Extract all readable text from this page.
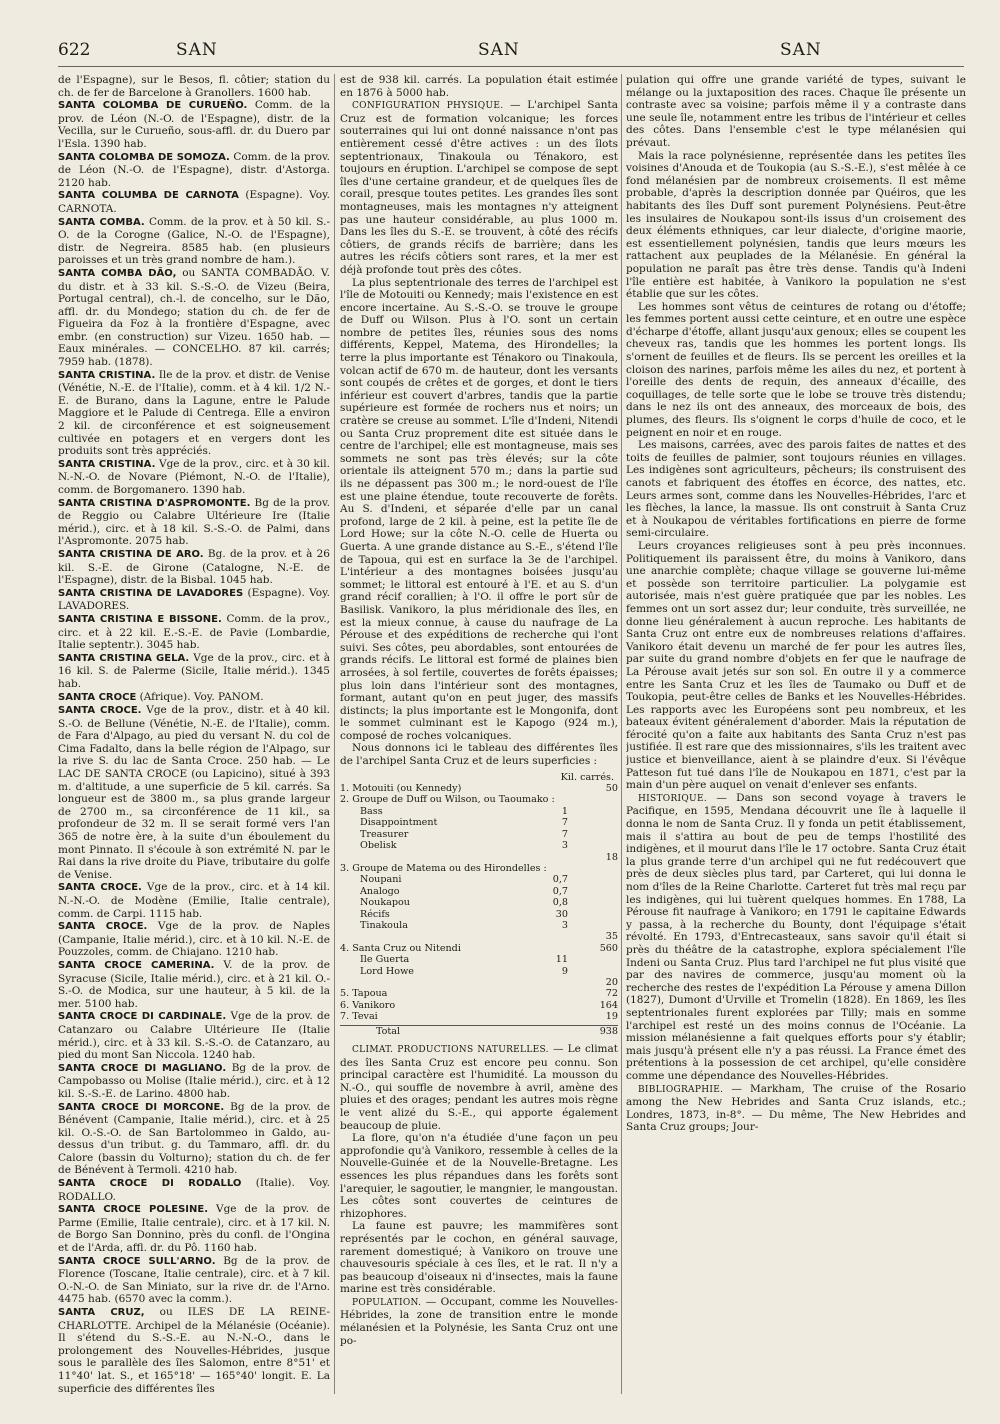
622	SAN	SAN	SAN

de l'Espagne), sur le Besos, fl. côtier; station du ch. de fer de Barcelone à Granollers. 1600 hab.

SANTA COLOMBA DE CURUEÑO. Comm. de la prov. de Léon (N.-O. de l'Espagne), distr. de la Vecilla, sur le Curueño, sous-affl. dr. du Duero par l'Esla. 1390 hab.

SANTA COLOMBA DE SOMOZA. Comm. de la prov. de Léon (N.-O. de l'Espagne), distr. d'Astorga. 2120 hab.

SANTA COLUMBA DE CARNOTA (Espagne). Voy. CARNOTA.

SANTA COMBA. Comm. de la prov. et à 50 kil. S.-O. de la Corogne (Galice, N.-O. de l'Espagne), distr. de Negreira. 8585 hab. (en plusieurs paroisses et un très grand nombre de ham.).

SANTA COMBA DÃO, ou SANTA COMBADÃO. V. du distr. et à 33 kil. S.-S.-O. de Vizeu (Beira, Portugal central), ch.-l. de concelho, sur le Dão, affl. dr. du Mondego; station du ch. de fer de Figueira da Foz à la frontière d'Espagne, avec embr. (en construction) sur Vizeu. 1650 hab. — Eaux minérales. — CONCELHO. 87 kil. carrés; 7959 hab. (1878).

SANTA CRISTINA. Ile de la prov. et distr. de Venise (Vénétie, N.-E. de l'Italie), comm. et à 4 kil. 1/2 N.-E. de Burano, dans la Lagune, entre le Palude Maggiore et le Palude di Centrega. Elle a environ 2 kil. de circonférence et est soigneusement cultivée en potagers et en vergers dont les produits sont très appréciés.

SANTA CRISTINA. Vge de la prov., circ. et à 30 kil. N.-N.-O. de Novare (Piémont, N.-O. de l'Italie), comm. de Borgomanero. 1390 hab.

SANTA CRISTINA D'ASPROMONTE. Bg de la prov. de Reggio ou Calabre Ultérieure Ire (Italie mérid.), circ. et à 18 kil. S.-S.-O. de Palmi, dans l'Aspromonte. 2075 hab.

SANTA CRISTINA DE ARO. Bg. de la prov. et à 26 kil. S.-E. de Girone (Catalogne, N.-E. de l'Espagne), distr. de la Bisbal. 1045 hab.

SANTA CRISTINA DE LAVADORES (Espagne). Voy. LAVADORES.

SANTA CRISTINA E BISSONE. Comm. de la prov., circ. et à 22 kil. E.-S.-E. de Pavie (Lombardie, Italie septentr.). 3045 hab.

SANTA CRISTINA GELA. Vge de la prov., circ. et à 16 kil. S. de Palerme (Sicile, Italie mérid.). 1345 hab.

SANTA CROCE (Afrique). Voy. PANOM.

SANTA CROCE. Vge de la prov., distr. et à 40 kil. S.-O. de Bellune (Vénétie, N.-E. de l'Italie), comm. de Fara d'Alpago, au pied du versant N. du col de Cima Fadalto, dans la belle région de l'Alpago, sur la rive S. du lac de Santa Croce. 250 hab. — Le LAC DE SANTA CROCE (ou Lapicino), situé à 393 m. d'altitude, a une superficie de 5 kil. carrés. Sa longueur est de 3800 m., sa plus grande largeur de 2700 m., sa circonférence de 11 kil., sa profondeur de 32 m. Il se serait formé vers l'an 365 de notre ère, à la suite d'un éboulement du mont Pinnato. Il s'écoule à son extrémité N. par le Rai dans la rive droite du Piave, tributaire du golfe de Venise.

SANTA CROCE. Vge de la prov., circ. et à 14 kil. N.-N.-O. de Modène (Emilie, Italie centrale), comm. de Carpi. 1115 hab.

SANTA CROCE. Vge de la prov. de Naples (Campanie, Italie mérid.), circ. et à 10 kil. N.-E. de Pouzzoles, comm. de Chiajano. 1210 hab.

SANTA CROCE CAMERINA. V. de la prov. de Syracuse (Sicile, Italie mérid.), circ. et à 21 kil. O.-S.-O. de Modica, sur une hauteur, à 5 kil. de la mer. 5100 hab.

SANTA CROCE DI CARDINALE. Vge de la prov. de Catanzaro ou Calabre Ultérieure IIe (Italie mérid.), circ. et à 33 kil. S.-S.-O. de Catanzaro, au pied du mont San Niccola. 1240 hab.

SANTA CROCE DI MAGLIANO. Bg de la prov. de Campobasso ou Molise (Italie mérid.), circ. et à 12 kil. S.-S.-E. de Larino. 4800 hab.

SANTA CROCE DI MORCONE. Bg de la prov. de Bénévent (Campanie, Italie mérid.), circ. et à 25 kil. O.-S.-O. de San Bartolommeo in Galdo, au-dessus d'un tribut. g. du Tammaro, affl. dr. du Calore (bassin du Volturno); station du ch. de fer de Bénévent à Termoli. 4210 hab.

SANTA CROCE DI RODALLO (Italie). Voy. RODALLO.

SANTA CROCE POLESINE. Vge de la prov. de Parme (Emilie, Italie centrale), circ. et à 17 kil. N. de Borgo San Donnino, près du confl. de l'Ongina et de l'Arda, affl. dr. du Pô. 1160 hab.

SANTA CROCE SULL'ARNO. Bg de la prov. de Florence (Toscane, Italie centrale), circ. et à 7 kil. O.-N.-O. de San Miniato, sur la rive dr. de l'Arno. 4475 hab. (6570 avec la comm.).

SANTA CRUZ, ou ILES DE LA REINE-CHARLOTTE. Archipel de la Mélanésie (Océanie). Il s'étend du S.-S.-E. au N.-N.-O., dans le prolongement des Nouvelles-Hébrides, jusque sous le parallèle des îles Salomon, entre 8°51' et 11°40' lat. S., et 165°18' — 165°40' longit. E. La superficie des différentes îles

est de 938 kil. carrés. La population était estimée en 1876 à 5000 hab.

CONFIGURATION PHYSIQUE. — L'archipel Santa Cruz est de formation volcanique; les forces souterraines qui lui ont donné naissance n'ont pas entièrement cessé d'être actives : un des îlots septentrionaux, Tinakoula ou Ténakoro, est toujours en éruption. L'archipel se compose de sept îles d'une certaine grandeur, et de quelques îles de corail, presque toutes petites. Les grandes îles sont montagneuses, mais les montagnes n'y atteignent pas une hauteur considérable, au plus 1000 m. Dans les îles du S.-E. se trouvent, à côté des récifs côtiers, de grands récifs de barrière; dans les autres les récifs côtiers sont rares, et la mer est déjà profonde tout près des côtes.

La plus septentrionale des terres de l'archipel est l'île de Motouiti ou Kennedy; mais l'existence en est encore incertaine. Au S.-S.-O. se trouve le groupe de Duff ou Wilson. Plus à l'O. sont un certain nombre de petites îles, réunies sous des noms différents, Keppel, Matema, des Hirondelles; la terre la plus importante est Ténakoro ou Tinakoula, volcan actif de 670 m. de hauteur, dont les versants sont coupés de crêtes et de gorges, et dont le tiers inférieur est couvert d'arbres, tandis que la partie supérieure est formée de rochers nus et noirs; un cratère se creuse au sommet. L'île d'Indeni, Nitendi ou Santa Cruz proprement dite est située dans le centre de l'archipel; elle est montagneuse, mais ses sommets ne sont pas très élevés; sur la côte orientale ils atteignent 570 m.; dans la partie sud ils ne dépassent pas 300 m.; le nord-ouest de l'île est une plaine étendue, toute recouverte de forêts. Au S. d'Indeni, et séparée d'elle par un canal profond, large de 2 kil. à peine, est la petite île de Lord Howe; sur la côte N.-O. celle de Huerta ou Guerta. A une grande distance au S.-E., s'étend l'île de Tapoua, qui est en surface la 3e de l'archipel. L'intérieur a des montagnes boisées jusqu'au sommet; le littoral est entouré à l'E. et au S. d'un grand récif corallien; à l'O. il offre le port sûr de Basilisk. Vanikoro, la plus méridionale des îles, en est la mieux connue, à cause du naufrage de La Pérouse et des expéditions de recherche qui l'ont suivi. Ses côtes, peu abordables, sont entourées de grands récifs. Le littoral est formé de plaines bien arrosées, à sol fertile, couvertes de forêts épaisses; plus loin dans l'intérieur sont des montagnes, formant, autant qu'on en peut juger, des massifs distincts; la plus importante est le Mongonifa, dont le sommet culminant est le Kapogo (924 m.), composé de roches volcaniques.

Nous donnons ici le tableau des différentes îles de l'archipel Santa Cruz et de leurs superficies :

Kil. carrés.
1. Motouiti (ou Kennedy)	50
2. Groupe de Duff ou Wilson, ou Taoumako :
Bass	1
Disappointment	7
Treasurer	7
Obelisk	3
18
3. Groupe de Matema ou des Hirondelles :
Noupani	0,7
Analogo	0,7
Noukapou	0,8
Récifs	30
Tinakoula	3
35
4. Santa Cruz ou Nitendi	560
Ile Guerta	11
Lord Howe	9
20
5. Tapoua	72
6. Vanikoro	164
7. Tevai	19
Total	938

CLIMAT. PRODUCTIONS NATURELLES. — Le climat des îles Santa Cruz est encore peu connu. Son principal caractère est l'humidité. La mousson du N.-O., qui souffle de novembre à avril, amène des pluies et des orages; pendant les autres mois règne le vent alizé du S.-E., qui apporte également beaucoup de pluie.

La flore, qu'on n'a étudiée d'une façon un peu approfondie qu'à Vanikoro, ressemble à celles de la Nouvelle-Guinée et de la Nouvelle-Bretagne. Les essences les plus répandues dans les forêts sont l'arequier, le sagoutier, le mangnier, le mangoustan. Les côtes sont couvertes de ceintures de rhizophores.

La faune est pauvre; les mammifères sont représentés par le cochon, en général sauvage, rarement domestiqué; à Vanikoro on trouve une chauvesouris spéciale à ces îles, et le rat. Il n'y a pas beaucoup d'oiseaux ni d'insectes, mais la faune marine est très considérable.

POPULATION. — Occupant, comme les Nouvelles-Hébrides, la zone de transition entre le monde mélanésien et la Polynésie, les Santa Cruz ont une po-

pulation qui offre une grande variété de types, suivant le mélange ou la juxtaposition des races. Chaque île présente un contraste avec sa voisine; parfois même il y a contraste dans une seule île, notamment entre les tribus de l'intérieur et celles des côtes. Dans l'ensemble c'est le type mélanésien qui prévaut.

Mais la race polynésienne, représentée dans les petites îles voisines d'Anouda et de Toukopia (au S.-S.-E.), s'est mêlée à ce fond mélanésien par de nombreux croisements. Il est même probable, d'après la description donnée par Quéiros, que les habitants des îles Duff sont purement Polynésiens. Peut-être les insulaires de Noukapou sont-ils issus d'un croisement des deux éléments ethniques, car leur dialecte, d'origine maorie, est essentiellement polynésien, tandis que leurs mœurs les rattachent aux peuplades de la Mélanésie. En général la population ne paraît pas être très dense. Tandis qu'à Indeni l'île entière est habitée, à Vanikoro la population ne s'est établie que sur les côtes.

Les hommes sont vêtus de ceintures de rotang ou d'étoffe; les femmes portent aussi cette ceinture, et en outre une espèce d'écharpe d'étoffe, allant jusqu'aux genoux; elles se coupent les cheveux ras, tandis que les hommes les portent longs. Ils s'ornent de feuilles et de fleurs. Ils se percent les oreilles et la cloison des narines, parfois même les ailes du nez, et portent à l'oreille des dents de requin, des anneaux d'écaille, des coquillages, de telle sorte que le lobe se trouve très distendu; dans le nez ils ont des anneaux, des morceaux de bois, des plumes, des fleurs. Ils s'oignent le corps d'huile de coco, et le peignent en noir et en rouge.

Les maisons, carrées, avec des parois faites de nattes et des toits de feuilles de palmier, sont toujours réunies en villages. Les indigènes sont agriculteurs, pêcheurs; ils construisent des canots et fabriquent des étoffes en écorce, des nattes, etc. Leurs armes sont, comme dans les Nouvelles-Hébrides, l'arc et les flèches, la lance, la massue. Ils ont construit à Santa Cruz et à Noukapou de véritables fortifications en pierre de forme semi-circulaire.

Leurs croyances religieuses sont à peu près inconnues. Politiquement ils paraissent être, du moins à Vanikoro, dans une anarchie complète; chaque village se gouverne lui-même et possède son territoire particulier. La polygamie est autorisée, mais n'est guère pratiquée que par les nobles. Les femmes ont un sort assez dur; leur conduite, très surveillée, ne donne lieu généralement à aucun reproche. Les habitants de Santa Cruz ont entre eux de nombreuses relations d'affaires. Vanikoro était devenu un marché de fer pour les autres îles, par suite du grand nombre d'objets en fer que le naufrage de La Pérouse avait jetés sur son sol. En outre il y a commerce entre les Santa Cruz et les îles de Taumako ou Duff et de Toukopia, peut-être celles de Banks et les Nouvelles-Hébrides. Les rapports avec les Européens sont peu nombreux, et les bateaux évitent généralement d'aborder. Mais la réputation de férocité qu'on a faite aux habitants des Santa Cruz n'est pas justifiée. Il est rare que des missionnaires, s'ils les traitent avec justice et bienveillance, aient à se plaindre d'eux. Si l'évêque Patteson fut tué dans l'île de Noukapou en 1871, c'est par la main d'un père auquel on venait d'enlever ses enfants.

HISTORIQUE. — Dans son second voyage à travers le Pacifique, en 1595, Mendana découvrit une île à laquelle il donna le nom de Santa Cruz. Il y fonda un petit établissement, mais il s'attira au bout de peu de temps l'hostilité des indigènes, et il mourut dans l'île le 17 octobre. Santa Cruz était la plus grande terre d'un archipel qui ne fut redécouvert que près de deux siècles plus tard, par Carteret, qui lui donna le nom d'îles de la Reine Charlotte. Carteret fut très mal reçu par les indigènes, qui lui tuèrent quelques hommes. En 1788, La Pérouse fit naufrage à Vanikoro; en 1791 le capitaine Edwards y passa, à la recherche du Bounty, dont l'équipage s'était révolté. En 1793, d'Entrecasteaux, sans savoir qu'il était si près du théâtre de la catastrophe, explora spécialement l'île Indeni ou Santa Cruz. Plus tard l'archipel ne fut plus visité que par des navires de commerce, jusqu'au moment où la recherche des restes de l'expédition La Pérouse y amena Dillon (1827), Dumont d'Urville et Tromelin (1828). En 1869, les îles septentrionales furent explorées par Tilly; mais en somme l'archipel est resté un des moins connus de l'Océanie. La mission mélanésienne a fait quelques efforts pour s'y établir; mais jusqu'à présent elle n'y a pas réussi. La France émet des prétentions à la possession de cet archipel, qu'elle considère comme une dépendance des Nouvelles-Hébrides.

BIBLIOGRAPHIE. — Markham, The cruise of the Rosario among the New Hebrides and Santa Cruz islands, etc.; Londres, 1873, in-8°. — Du même, The New Hebrides and Santa Cruz groups; Jour-
